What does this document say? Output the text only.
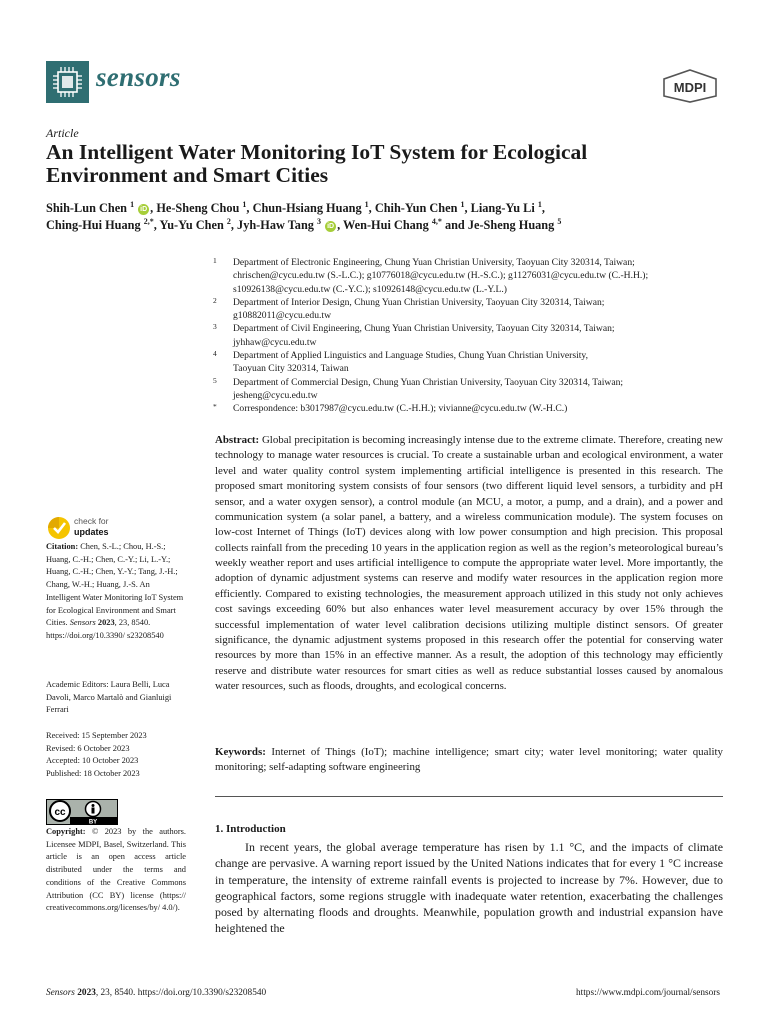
sensors	MDPI
Article
An Intelligent Water Monitoring IoT System for Ecological Environment and Smart Cities
Shih-Lun Chen $^1$ iD , He-Sheng Chou $^1$, Chun-Hsiang Huang $^1$, Chih-Yun Chen $^1$, Liang-Yu Li $^1$,
Ching-Hui Huang $^{2,*}$, Yu-Yu Chen $^2$, Jyh-Haw Tang $^3$ iD , Wen-Hui Chang $^{4,*}$ and Je-Sheng Huang $^5$
1 Department of Electronic Engineering, Chung Yuan Christian University, Taoyuan City 320314, Taiwan;
chrischen@cycu.edu.tw (S.-L.C.); g10776018@cycu.edu.tw (H.-S.C.); g11276031@cycu.edu.tw (C.-H.H.);
s10926138@cycu.edu.tw (C.-Y.C.); s10926148@cycu.edu.tw (L.-Y.L.)
2 Department of Interior Design, Chung Yuan Christian University, Taoyuan City 320314, Taiwan;
g10882011@cycu.edu.tw
3 Department of Civil Engineering, Chung Yuan Christian University, Taoyuan City 320314, Taiwan;
jyhhaw@cycu.edu.tw
4 Department of Applied Linguistics and Language Studies, Chung Yuan Christian University,
Taoyuan City 320314, Taiwan
5 Department of Commercial Design, Chung Yuan Christian University, Taoyuan City 320314, Taiwan;
jesheng@cycu.edu.tw
* Correspondence: b3017987@cycu.edu.tw (C.-H.H.); vivianne@cycu.edu.tw (W.-H.C.)
Abstract: Global precipitation is becoming increasingly intense due to the extreme climate. Therefore, creating new technology to manage water resources is crucial. To create a sustainable urban and ecological environment, a water level and water quality control system implementing artificial intelligence is presented in this research. The proposed smart monitoring system consists of four sensors (two different liquid level sensors, a turbidity and pH sensor, and a water oxygen sensor), a control module (an MCU, a motor, a pump, and a drain), and a power and communication system (a solar panel, a battery, and a wireless communication module). The system focuses on low-cost Internet of Things (IoT) devices along with low power consumption and high precision. This proposal collects rainfall from the preceding 10 years in the application region as well as the region’s meteorological bureau’s weekly weather report and uses artificial intelligence to compute the appropriate water level. More importantly, the adoption of dynamic adjustment systems can reserve and modify water resources in the application region more efficiently. Compared to existing technologies, the measurement approach utilized in this study not only achieves cost savings exceeding 60% but also enhances water level measurement accuracy by over 15% through the successful implementation of water level calibration decisions utilizing multiple distinct sensors. Of greater significance, the dynamic adjustment systems proposed in this research offer the potential for conserving water resources by more than 15% in an effective manner. As a result, the adoption of this technology may efficiently reserve and distribute water resources for smart cities as well as reduce substantial losses caused by anomalous water resources, such as floods, droughts, and ecological concerns.
Keywords: Internet of Things (IoT); machine intelligence; smart city; water level monitoring; water quality monitoring; self-adapting software engineering
1. Introduction
In recent years, the global average temperature has risen by 1.1 °C, and the impacts of climate change are pervasive. A warning report issued by the United Nations indicates that for every 1 °C increase in temperature, the intensity of extreme rainfall events is projected to increase by 7%. However, due to geographical factors, some regions struggle with inadequate water retention, exacerbating the challenges posed by alternating floods and droughts. Meanwhile, population growth and industrial expansion have heightened the
check for
updates
Citation: Chen, S.-L.; Chou, H.-S.; Huang, C.-H.; Chen, C.-Y.; Li, L.-Y.; Huang, C.-H.; Chen, Y.-Y.; Tang, J.-H.; Chang, W.-H.; Huang, J.-S. An Intelligent Water Monitoring IoT System for Ecological Environment and Smart Cities. Sensors 2023, 23, 8540. https://doi.org/10.3390/ s23208540
Academic Editors: Laura Belli, Luca Davoli, Marco Martalò and Gianluigi Ferrari
Received: 15 September 2023
Revised: 6 October 2023
Accepted: 10 October 2023
Published: 18 October 2023
cc
BY
Copyright: © 2023 by the authors. Licensee MDPI, Basel, Switzerland. This article is an open access article distributed under the terms and conditions of the Creative Commons Attribution (CC BY) license (https:// creativecommons.org/licenses/by/ 4.0/).
Sensors 2023, 23, 8540. https://doi.org/10.3390/s23208540	https://www.mdpi.com/journal/sensors
